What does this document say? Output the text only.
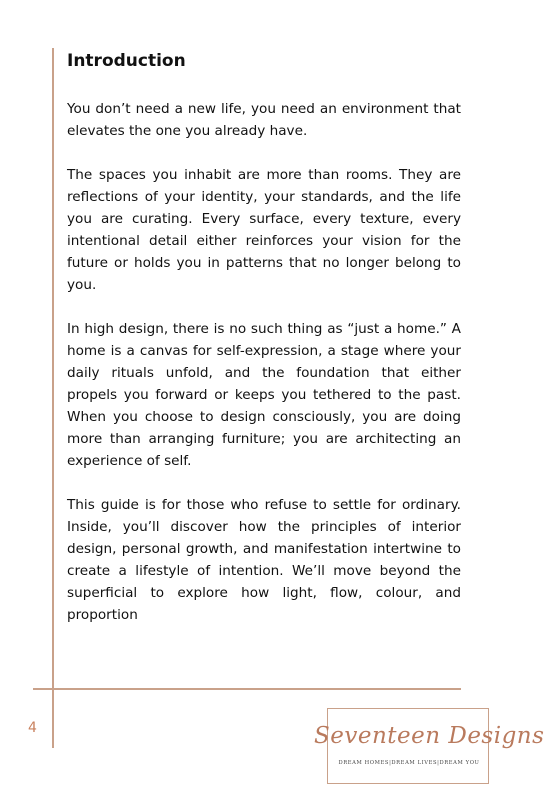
Introduction

You don’t need a new life, you need an environment that elevates the one you already have.

The spaces you inhabit are more than rooms. They are reflections of your identity, your standards, and the life you are curating. Every surface, every texture, every intentional detail either reinforces your vision for the future or holds you in patterns that no longer belong to you.

In high design, there is no such thing as “just a home.” A home is a canvas for self-expression, a stage where your daily rituals unfold, and the foundation that either propels you forward or keeps you tethered to the past. When you choose to design consciously, you are doing more than arranging furniture; you are architecting an experience of self.

This guide is for those who refuse to settle for ordinary. Inside, you’ll discover how the principles of interior design, personal growth, and manifestation intertwine to create a lifestyle of intention. We’ll move beyond the superficial to explore how light, flow, colour, and proportion

4	Seventeen Designs
DREAM HOMES|DREAM LIVES|DREAM YOU
